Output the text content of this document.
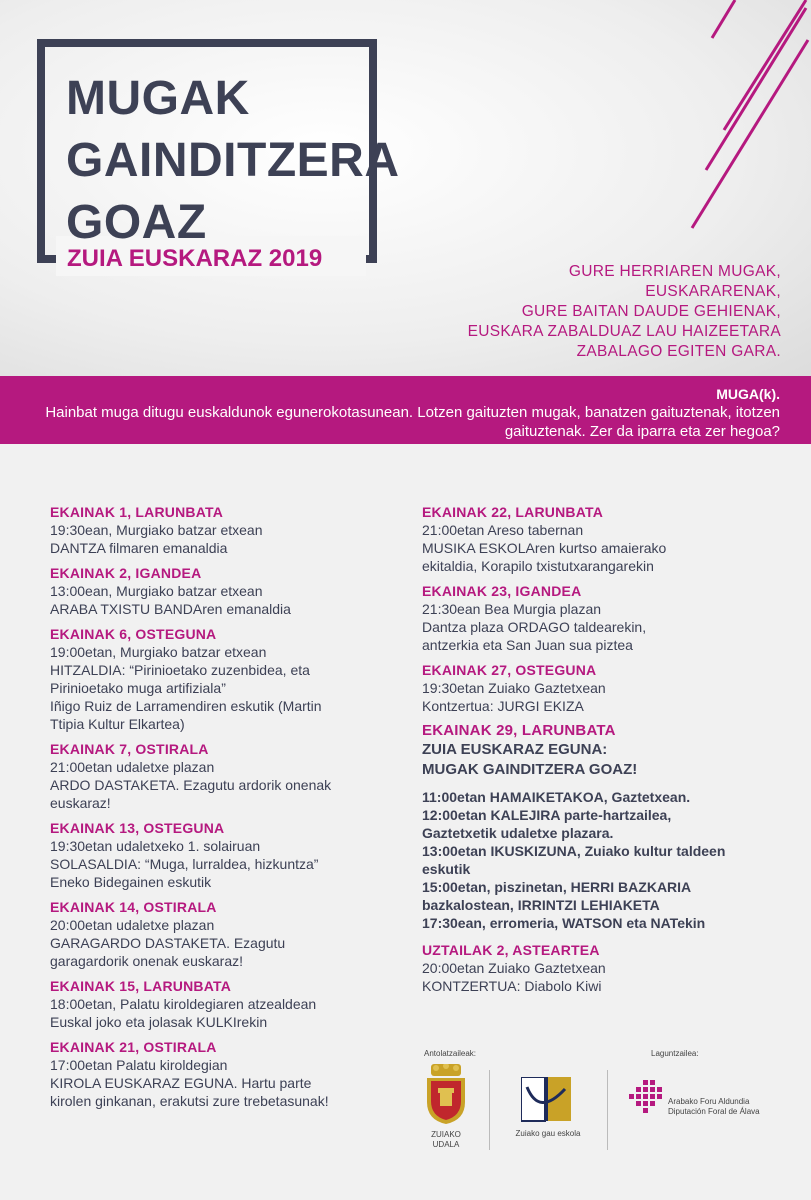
MUGAK
GAINDITZERA
GOAZ
ZUIA EUSKARAZ 2019	GURE HERRIAREN MUGAK,
EUSKARARENAK,
GURE BAITAN DAUDE GEHIENAK,
EUSKARA ZABALDUAZ LAU HAIZEETARA
ZABALAGO EGITEN GARA.
MUGA(k).
Hainbat muga ditugu euskaldunok egunerokotasunean. Lotzen gaituzten mugak, banatzen gaituztenak, itotzen gaituztenak. Zer da iparra eta zer hegoa?
EKAINAK 1, LARUNBATA
19:30ean, Murgiako batzar etxean
DANTZA filmaren emanaldia
EKAINAK 2, IGANDEA
13:00ean, Murgiako batzar etxean
ARABA TXISTU BANDAren emanaldia
EKAINAK 6, OSTEGUNA
19:00etan, Murgiako batzar etxean
HITZALDIA: “Pirinioetako zuzenbidea, eta
Pirinioetako muga artifiziala”
Iñigo Ruiz de Larramendiren eskutik (Martin
Ttipia Kultur Elkartea)
EKAINAK 7, OSTIRALA
21:00etan udaletxe plazan
ARDO DASTAKETA. Ezagutu ardorik onenak
euskaraz!
EKAINAK 13, OSTEGUNA
19:30etan udaletxeko 1. solairuan
SOLASALDIA: “Muga, lurraldea, hizkuntza”
Eneko Bidegainen eskutik
EKAINAK 14, OSTIRALA
20:00etan udaletxe plazan
GARAGARDO DASTAKETA. Ezagutu
garagardorik onenak euskaraz!
EKAINAK 15, LARUNBATA
18:00etan, Palatu kiroldegiaren atzealdean
Euskal joko eta jolasak KULKIrekin
EKAINAK 21, OSTIRALA
17:00etan Palatu kiroldegian
KIROLA EUSKARAZ EGUNA. Hartu parte
kirolen ginkanan, erakutsi zure trebetasunak!
EKAINAK 22, LARUNBATA
21:00etan Areso tabernan
MUSIKA ESKOLAren kurtso amaierako
ekitaldia, Korapilo txistutxarangarekin
EKAINAK 23, IGANDEA
21:30ean Bea Murgia plazan
Dantza plaza ORDAGO taldearekin,
antzerkia eta San Juan sua piztea
EKAINAK 27, OSTEGUNA
19:30etan Zuiako Gaztetxean
Kontzertua: JURGI EKIZA
EKAINAK 29, LARUNBATA
ZUIA EUSKARAZ EGUNA:
MUGAK GAINDITZERA GOAZ!
11:00etan HAMAIKETAKOA, Gaztetxean.
12:00etan KALEJIRA parte-hartzailea,
Gaztetxetik udaletxe plazara.
13:00etan IKUSKIZUNA, Zuiako kultur taldeen
eskutik
15:00etan, piszinetan, HERRI BAZKARIA
bazkalostean, IRRINTZI LEHIAKETA
17:30ean, erromeria, WATSON eta NATekin
UZTAILAK 2, ASTEARTEA
20:00etan Zuiako Gaztetxean
KONTZERTUA: Diabolo Kiwi
Antolatzaileak:	Laguntzailea:
ZUIAKO
UDALA
Zuiako gau eskola
Arabako Foru Aldundia
Diputación Foral de Álava
